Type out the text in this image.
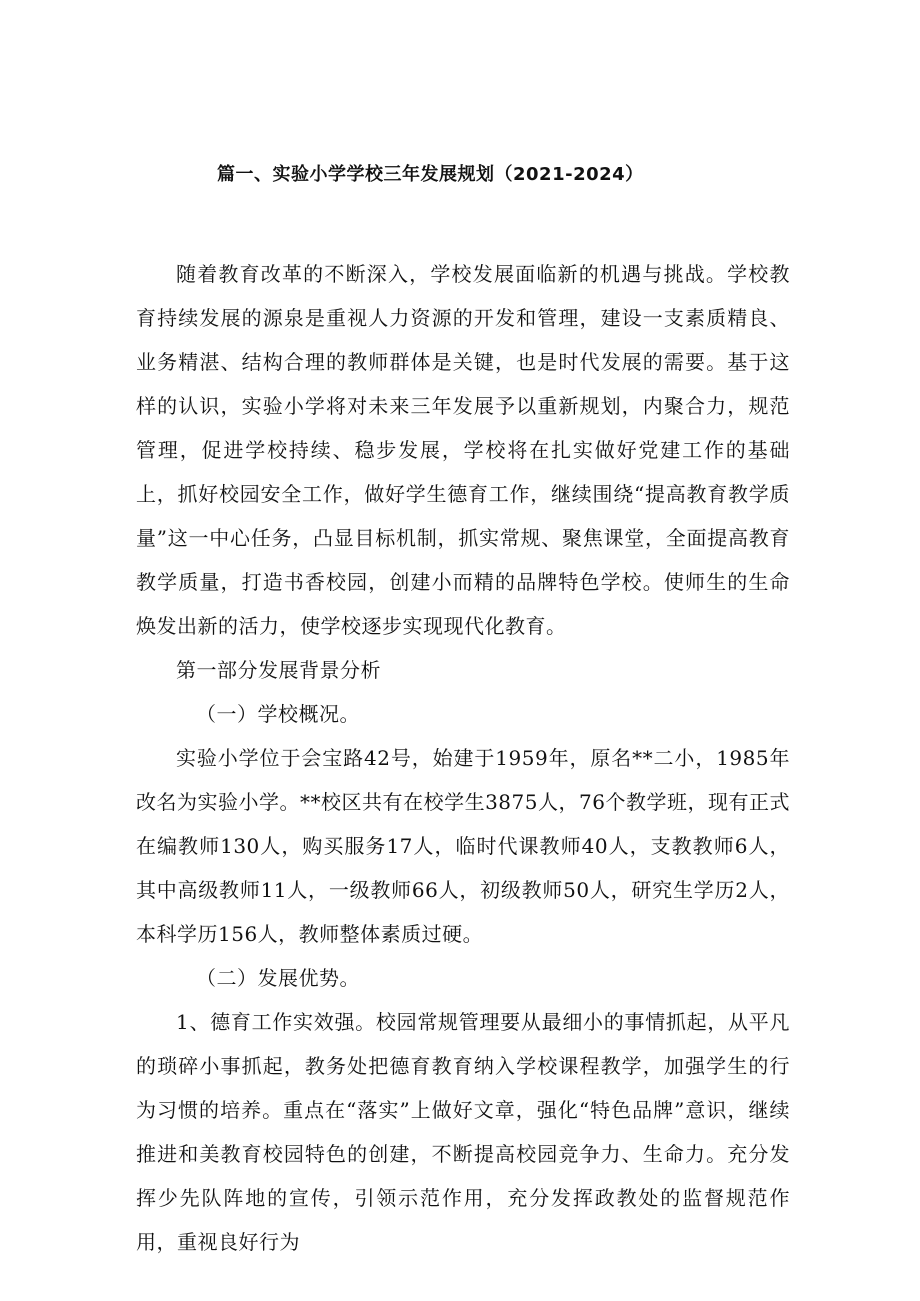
篇一、实验小学学校三年发展规划（2021-2024）

随着教育改革的不断深入，学校发展面临新的机遇与挑战。学校教育持续发展的源泉是重视人力资源的开发和管理，建设一支素质精良、业务精湛、结构合理的教师群体是关键，也是时代发展的需要。基于这样的认识，实验小学将对未来三年发展予以重新规划，内聚合力，规范管理，促进学校持续、稳步发展，学校将在扎实做好党建工作的基础上，抓好校园安全工作，做好学生德育工作，继续围绕“提高教育教学质量”这一中心任务，凸显目标机制，抓实常规、聚焦课堂，全面提高教育教学质量，打造书香校园，创建小而精的品牌特色学校。使师生的生命焕发出新的活力，使学校逐步实现现代化教育。

第一部分发展背景分析
（一）学校概况。

实验小学位于会宝路42号，始建于1959年，原名**二小，1985年改名为实验小学。**校区共有在校学生3875人，76个教学班，现有正式在编教师130人，购买服务17人，临时代课教师40人，支教教师6人，其中高级教师11人，一级教师66人，初级教师50人，研究生学历2人，本科学历156人，教师整体素质过硬。

（二）发展优势。

1、德育工作实效强。校园常规管理要从最细小的事情抓起，从平凡的琐碎小事抓起，教务处把德育教育纳入学校课程教学，加强学生的行为习惯的培养。重点在“落实”上做好文章，强化“特色品牌”意识，继续推进和美教育校园特色的创建，不断提高校园竞争力、生命力。充分发挥少先队阵地的宣传，引领示范作用，充分发挥政教处的监督规范作用，重视良好行为
